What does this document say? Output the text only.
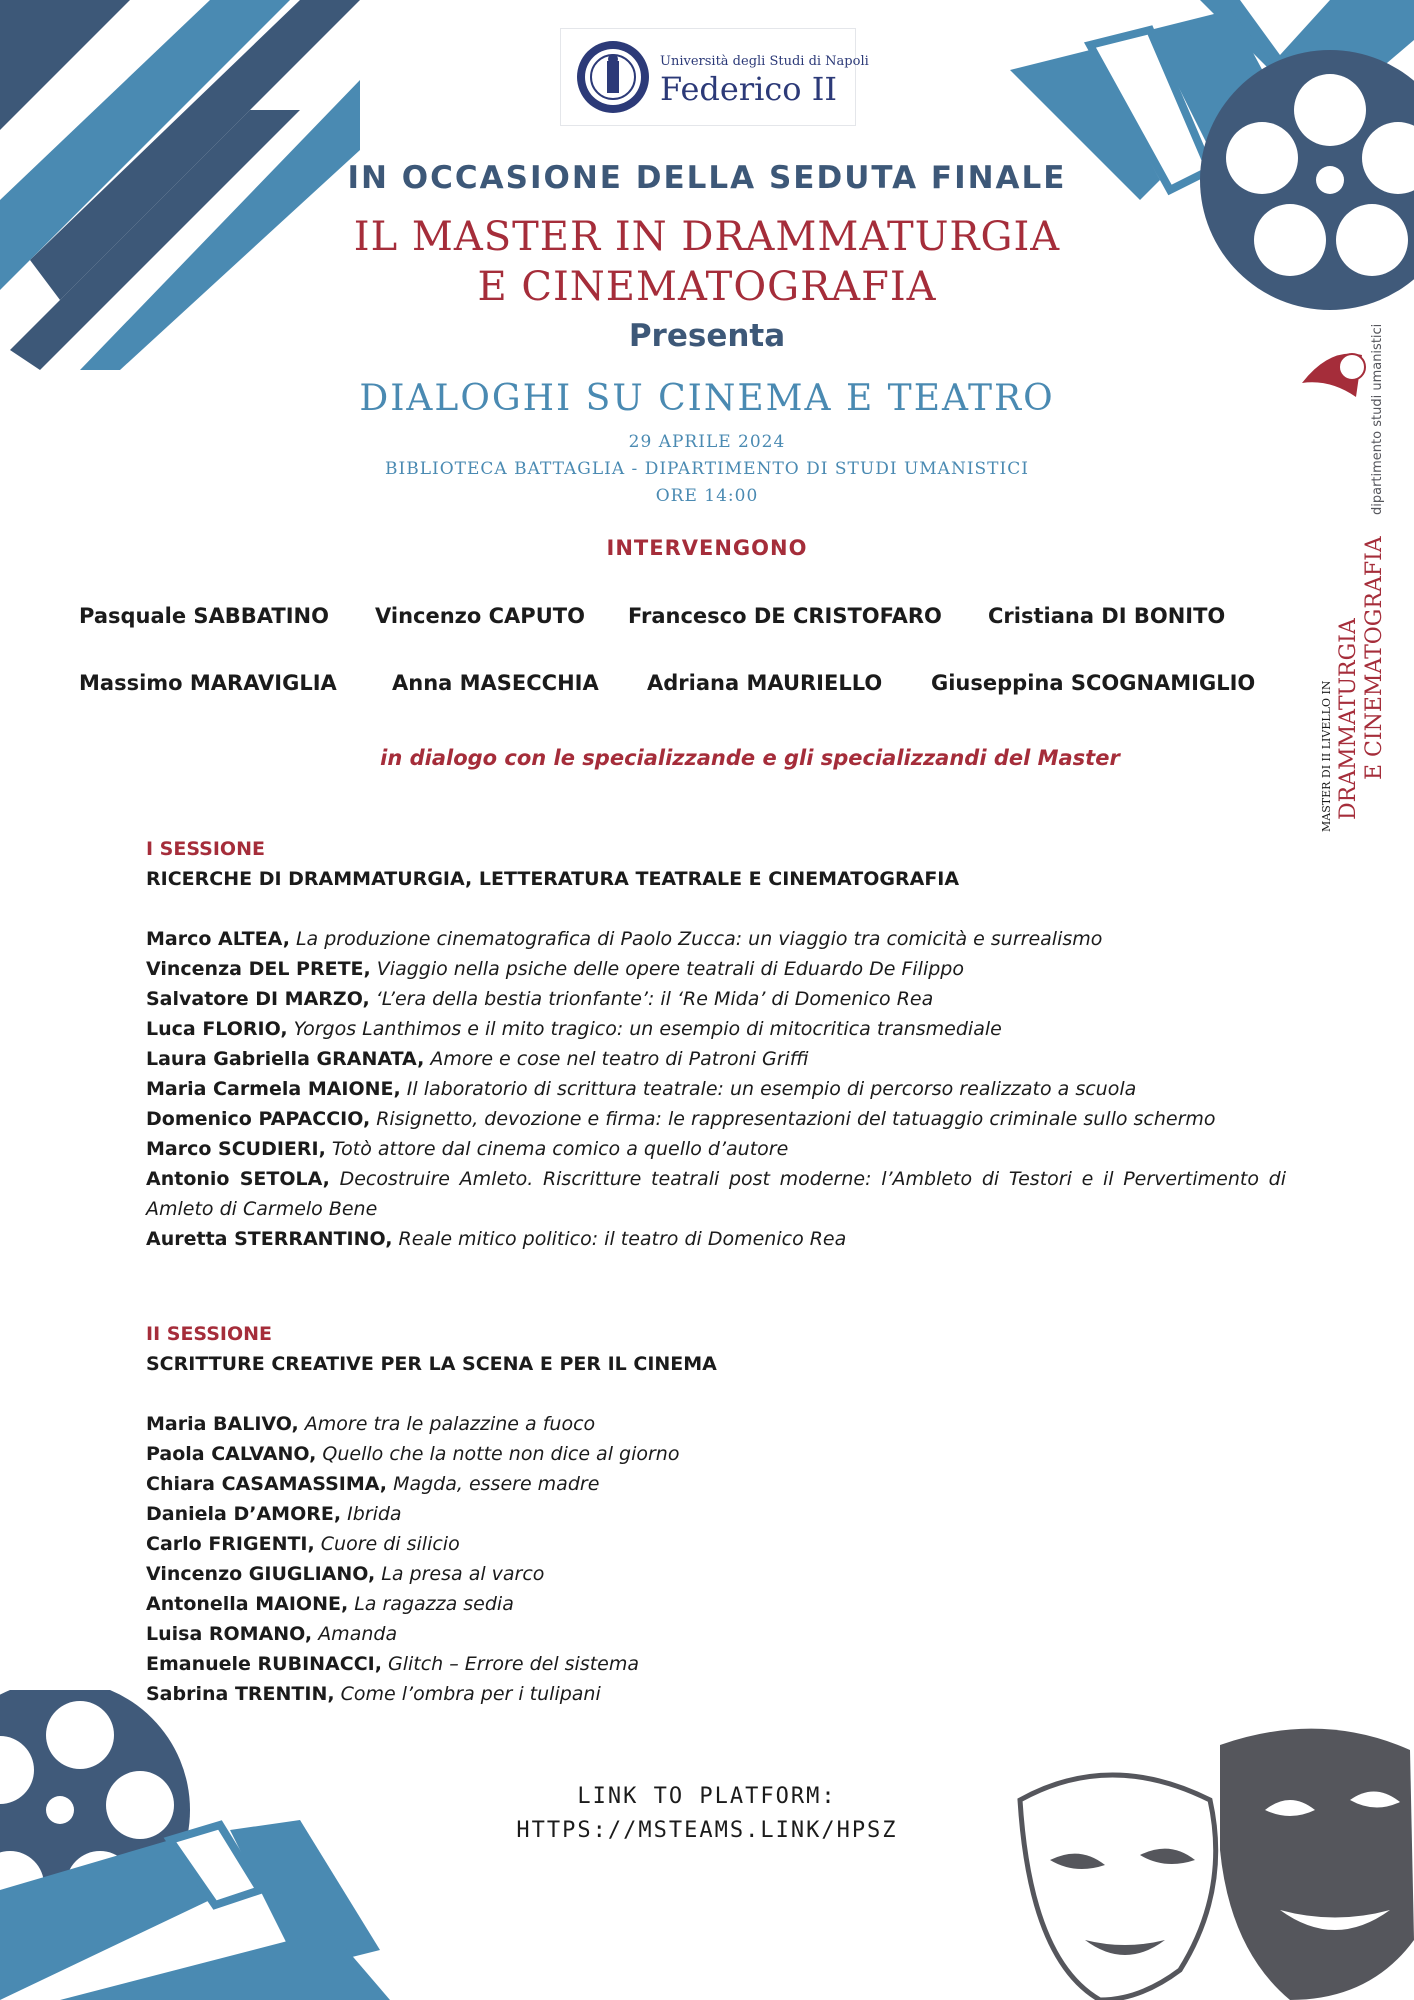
Università degli Studi di Napoli
Federico II
dipartimento studi umanistici
MASTER DI II LIVELLO IN DRAMMATURGIA E CINEMATOGRAFIA
IN OCCASIONE DELLA SEDUTA FINALE
IL MASTER IN DRAMMATURGIA
E CINEMATOGRAFIA
Presenta
DIALOGHI SU CINEMA E TEATRO
29 APRILE 2024
BIBLIOTECA BATTAGLIA - DIPARTIMENTO DI STUDI UMANISTICI
ORE 14:00
INTERVENGONO
Pasquale SABBATINO Vincenzo CAPUTO Francesco DE CRISTOFARO Cristiana DI BONITO
Massimo MARAVIGLIA	Anna MASECCHIA Adriana MAURIELLO Giuseppina SCOGNAMIGLIO
in dialogo con le specializzande e gli specializzandi del Master
I SESSIONE
RICERCHE DI DRAMMATURGIA, LETTERATURA TEATRALE E CINEMATOGRAFIA

Marco ALTEA, La produzione cinematografica di Paolo Zucca: un viaggio tra comicità e surrealismo

Vincenza DEL PRETE, Viaggio nella psiche delle opere teatrali di Eduardo De Filippo

Salvatore DI MARZO, ‘L’era della bestia trionfante’: il ‘Re Mida’ di Domenico Rea

Luca FLORIO, Yorgos Lanthimos e il mito tragico: un esempio di mitocritica transmediale

Laura Gabriella GRANATA, Amore e cose nel teatro di Patroni Griffi

Maria Carmela MAIONE, Il laboratorio di scrittura teatrale: un esempio di percorso realizzato a scuola

Domenico PAPACCIO, Risignetto, devozione e firma: le rappresentazioni del tatuaggio criminale sullo schermo

Marco SCUDIERI, Totò attore dal cinema comico a quello d’autore

Antonio SETOLA, Decostruire Amleto. Riscritture teatrali post moderne: l’Ambleto di Testori e il Pervertimento di Amleto di Carmelo Bene

Auretta STERRANTINO, Reale mitico politico: il teatro di Domenico Rea

II SESSIONE
SCRITTURE CREATIVE PER LA SCENA E PER IL CINEMA

Maria BALIVO, Amore tra le palazzine a fuoco

Paola CALVANO, Quello che la notte non dice al giorno

Chiara CASAMASSIMA, Magda, essere madre

Daniela D’AMORE, Ibrida

Carlo FRIGENTI, Cuore di silicio

Vincenzo GIUGLIANO, La presa al varco

Antonella MAIONE, La ragazza sedia

Luisa ROMANO, Amanda

Emanuele RUBINACCI, Glitch – Errore del sistema

Sabrina TRENTIN, Come l’ombra per i tulipani

LINK TO PLATFORM:
HTTPS://MSTEAMS.LINK/HPSZ
